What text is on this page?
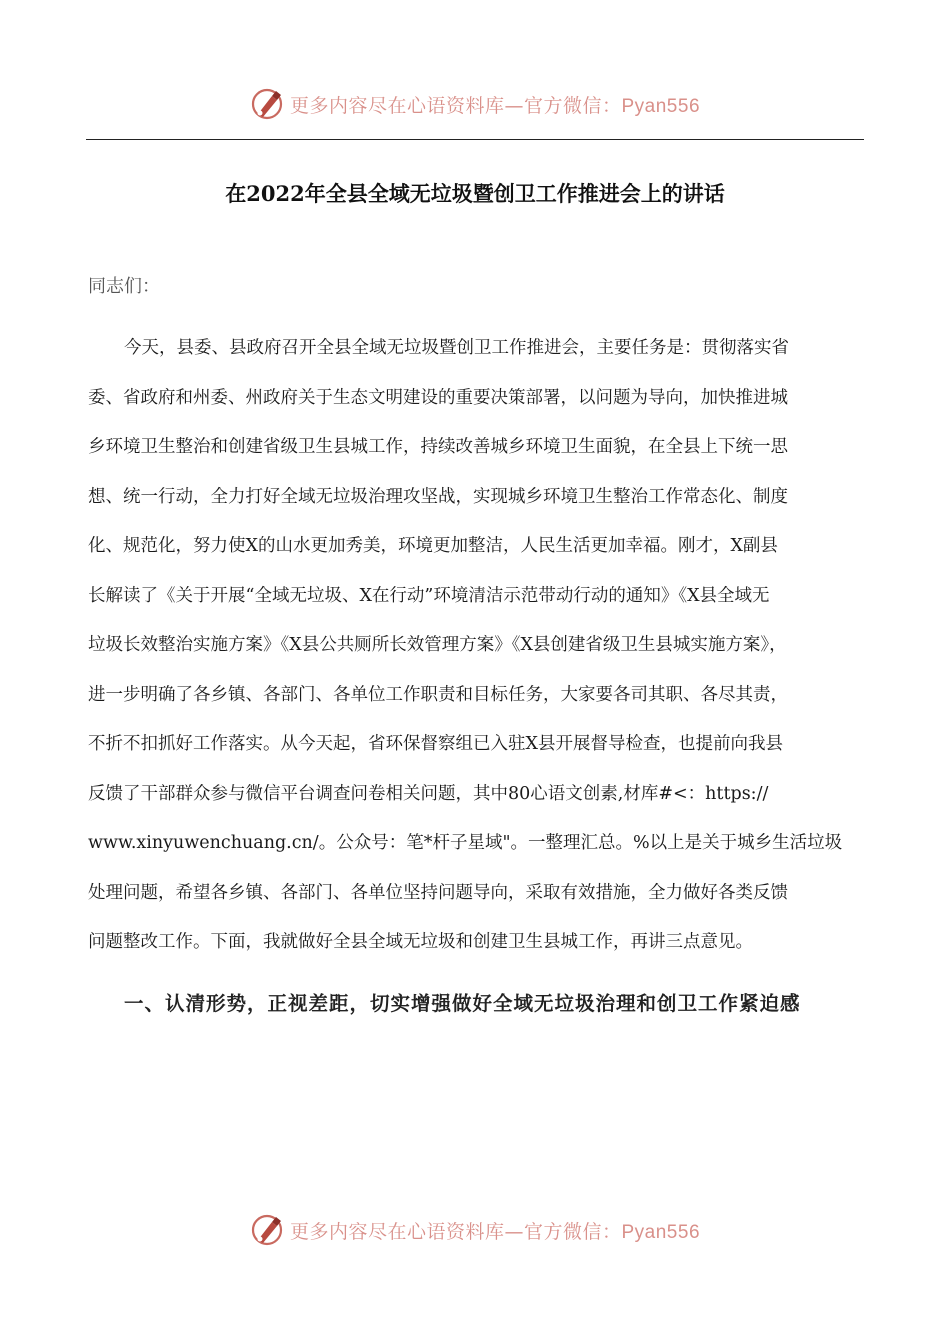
更多内容尽在心语资料库—官方微信：Pyan556
在2022年全县全域无垃圾暨创卫工作推进会上的讲话
同志们：
今天，县委、县政府召开全县全域无垃圾暨创卫工作推进会，主要任务是：贯彻落实省
委、省政府和州委、州政府关于生态文明建设的重要决策部署，以问题为导向，加快推进城
乡环境卫生整治和创建省级卫生县城工作，持续改善城乡环境卫生面貌，在全县上下统一思
想、统一行动，全力打好全域无垃圾治理攻坚战，实现城乡环境卫生整治工作常态化、制度
化、规范化，努力使X的山水更加秀美，环境更加整洁，人民生活更加幸福。刚才，X副县
长解读了《关于开展“全域无垃圾、X在行动”环境清洁示范带动行动的通知》《X县全域无
垃圾长效整治实施方案》《X县公共厕所长效管理方案》《X县创建省级卫生县城实施方案》，
进一步明确了各乡镇、各部门、各单位工作职责和目标任务，大家要各司其职、各尽其责，
不折不扣抓好工作落实。从今天起，省环保督察组已入驻X县开展督导检查，也提前向我县
反馈了干部群众参与微信平台调查问卷相关问题，其中80心语文创素,材库#<：https://
www.xinyuwenchuang.cn/。公众号：笔*杆子星域"。一整理汇总。%以上是关于城乡生活垃圾
处理问题，希望各乡镇、各部门、各单位坚持问题导向，采取有效措施，全力做好各类反馈
问题整改工作。下面，我就做好全县全域无垃圾和创建卫生县城工作，再讲三点意见。
一、认清形势，正视差距，切实增强做好全域无垃圾治理和创卫工作紧迫感
更多内容尽在心语资料库—官方微信：Pyan556
